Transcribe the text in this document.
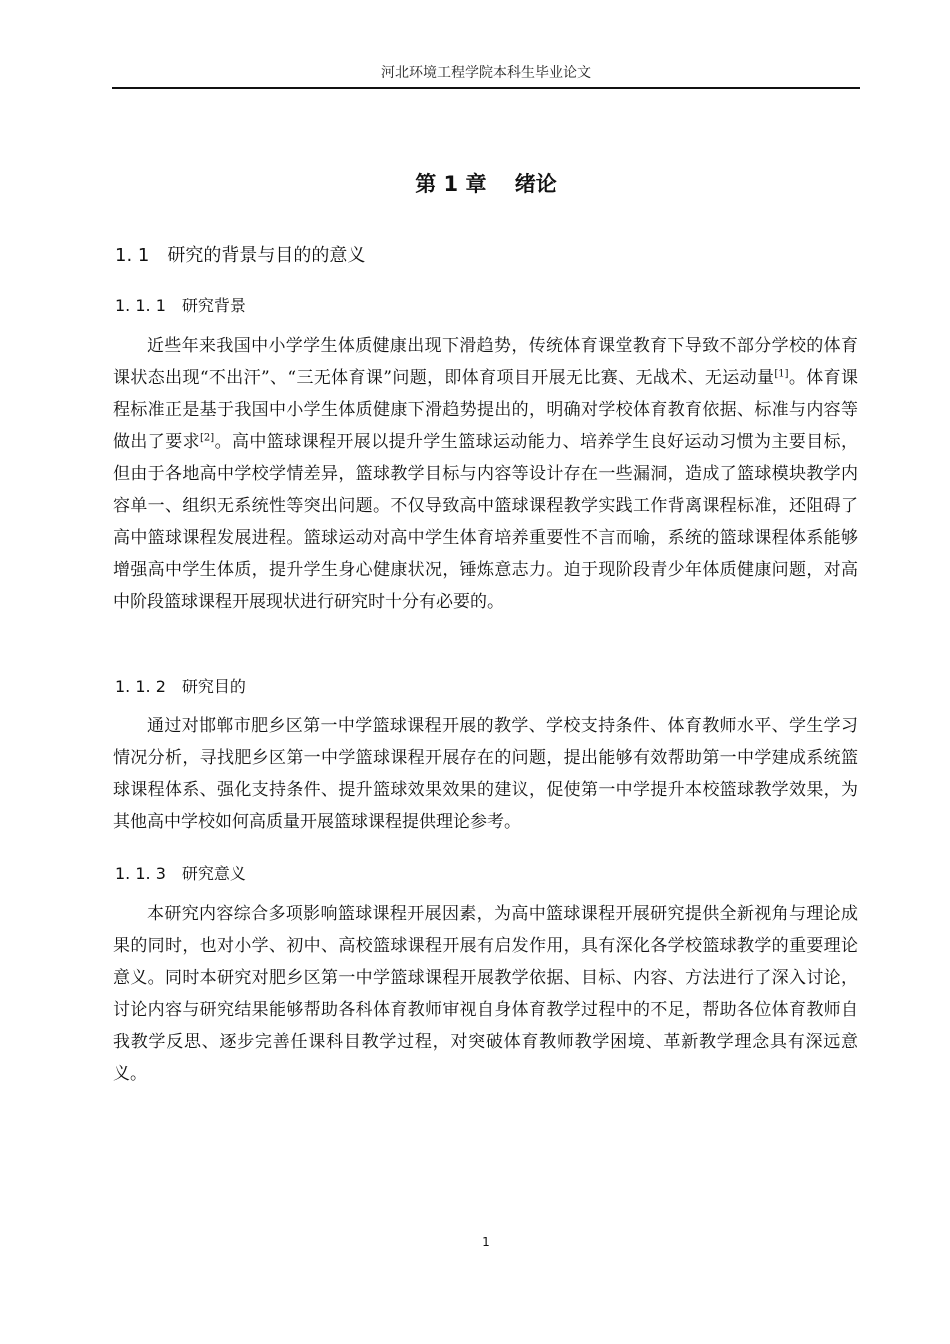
河北环境工程学院本科生毕业论文
第 1 章　 绪论
1. 1　 研究的背景与目的的意义
1. 1. 1　 研究背景

近些年来我国中小学学生体质健康出现下滑趋势，传统体育课堂教育下导致不部分学校的体育课状态出现“不出汗”、“三无体育课”问题，即体育项目开展无比赛、无战术、无运动量[1]。体育课程标准正是基于我国中小学生体质健康下滑趋势提出的，明确对学校体育教育依据、标准与内容等做出了要求[2]。高中篮球课程开展以提升学生篮球运动能力、培养学生良好运动习惯为主要目标，但由于各地高中学校学情差异，篮球教学目标与内容等设计存在一些漏洞，造成了篮球模块教学内容单一、组织无系统性等突出问题。不仅导致高中篮球课程教学实践工作背离课程标准，还阻碍了高中篮球课程发展进程。篮球运动对高中学生体育培养重要性不言而喻，系统的篮球课程体系能够增强高中学生体质，提升学生身心健康状况，锤炼意志力。迫于现阶段青少年体质健康问题，对高中阶段篮球课程开展现状进行研究时十分有必要的。

1. 1. 2　 研究目的

通过对邯郸市肥乡区第一中学篮球课程开展的教学、学校支持条件、体育教师水平、学生学习情况分析，寻找肥乡区第一中学篮球课程开展存在的问题，提出能够有效帮助第一中学建成系统篮球课程体系、强化支持条件、提升篮球效果效果的建议，促使第一中学提升本校篮球教学效果，为其他高中学校如何高质量开展篮球课程提供理论参考。

1. 1. 3　 研究意义

本研究内容综合多项影响篮球课程开展因素，为高中篮球课程开展研究提供全新视角与理论成果的同时，也对小学、初中、高校篮球课程开展有启发作用，具有深化各学校篮球教学的重要理论意义。同时本研究对肥乡区第一中学篮球课程开展教学依据、目标、内容、方法进行了深入讨论，讨论内容与研究结果能够帮助各科体育教师审视自身体育教学过程中的不足，帮助各位体育教师自我教学反思、逐步完善任课科目教学过程，对突破体育教师教学困境、革新教学理念具有深远意义。

1
